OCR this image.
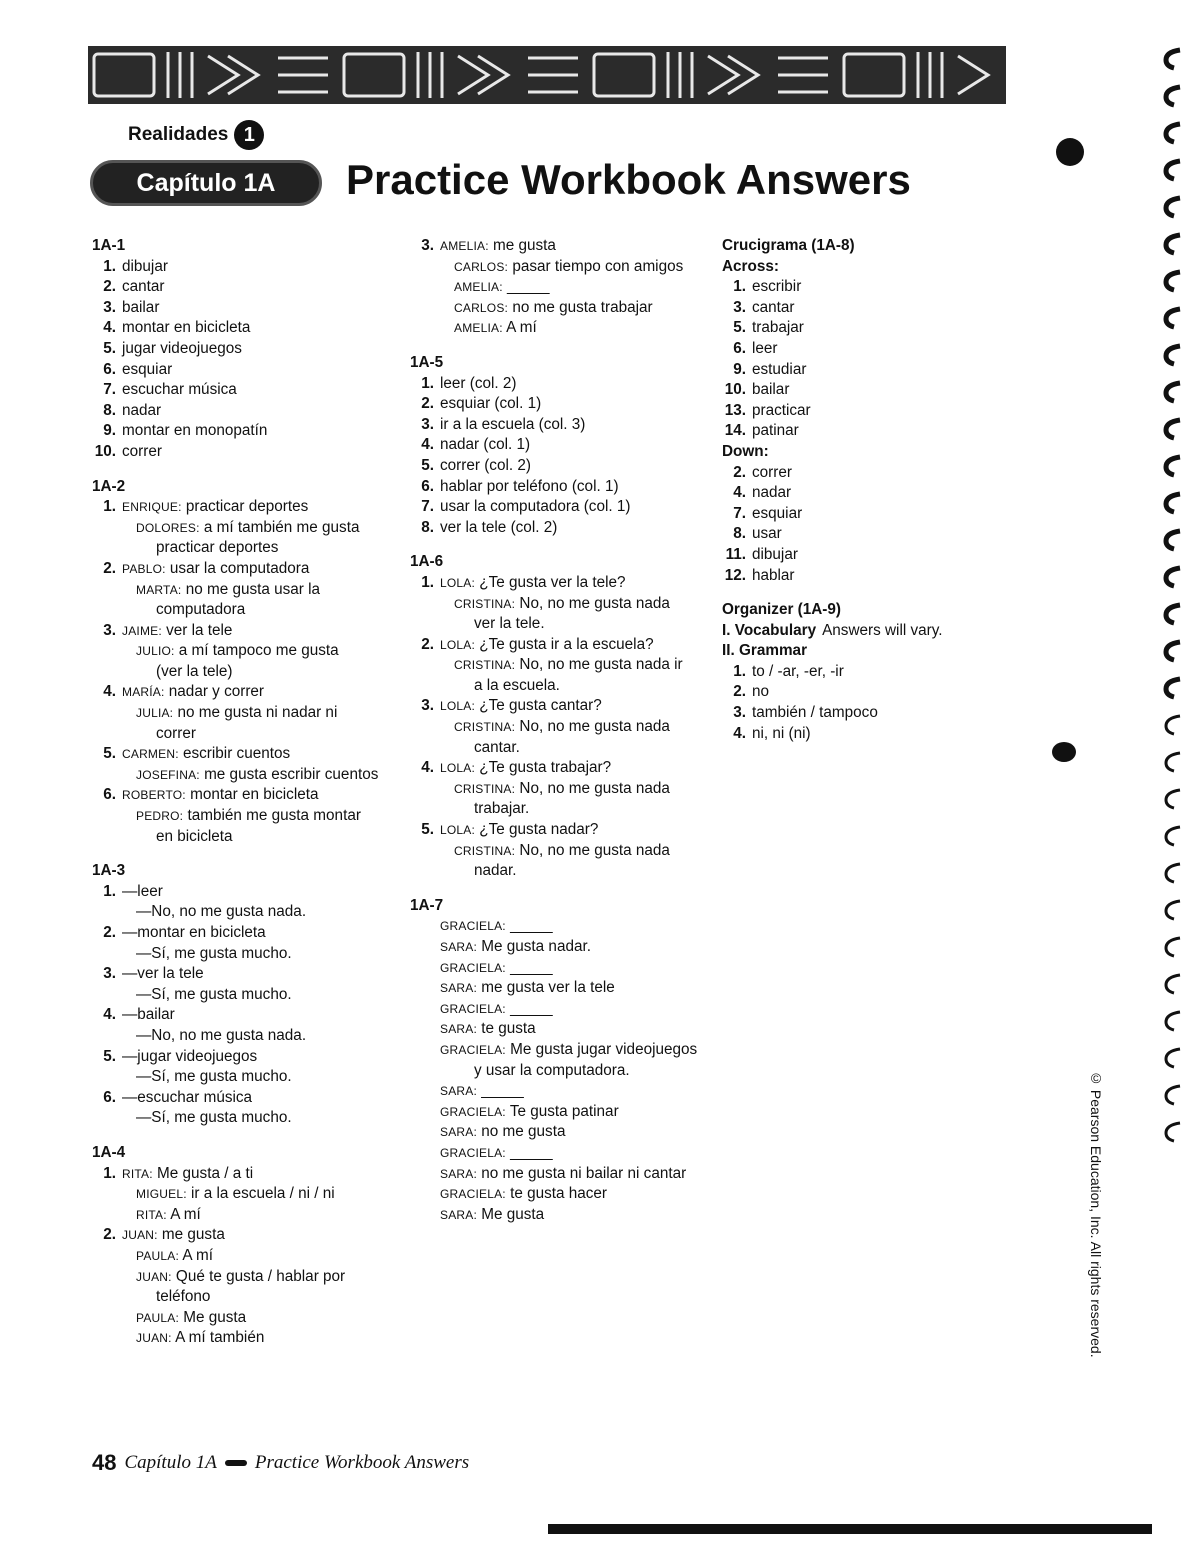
Realidades 1
Capítulo 1A	Practice Workbook Answers
1A-1
1. dibujar
2. cantar
3. bailar
4. montar en bicicleta
5. jugar videojuegos
6. esquiar
7. escuchar música
8. nadar
9. montar en monopatín
10. correr
1A-2
1. ENRIQUE: practicar deportes
DOLORES: a mí también me gusta
practicar deportes
2. PABLO: usar la computadora
MARTA: no me gusta usar la
computadora
3. JAIME: ver la tele
JULIO: a mí tampoco me gusta
(ver la tele)
4. MARÍA: nadar y correr
JULIA: no me gusta ni nadar ni
correr
5. CARMEN: escribir cuentos
JOSEFINA: me gusta escribir cuentos
6. ROBERTO: montar en bicicleta
PEDRO: también me gusta montar
en bicicleta
1A-3
1. —leer
—No, no me gusta nada.
2. —montar en bicicleta
—Sí, me gusta mucho.
3. —ver la tele
—Sí, me gusta mucho.
4. —bailar
—No, no me gusta nada.
5. —jugar videojuegos
—Sí, me gusta mucho.
6. —escuchar música
—Sí, me gusta mucho.
1A-4
1. RITA: Me gusta / a ti
MIGUEL: ir a la escuela / ni / ni
RITA: A mí
2. JUAN: me gusta
PAULA: A mí
JUAN: Qué te gusta / hablar por
teléfono
PAULA: Me gusta
JUAN: A mí también
3. AMELIA: me gusta
CARLOS: pasar tiempo con amigos
AMELIA: _____
CARLOS: no me gusta trabajar
AMELIA: A mí
1A-5
1. leer (col. 2)
2. esquiar (col. 1)
3. ir a la escuela (col. 3)
4. nadar (col. 1)
5. correr (col. 2)
6. hablar por teléfono (col. 1)
7. usar la computadora (col. 1)
8. ver la tele (col. 2)
1A-6
1. LOLA: ¿Te gusta ver la tele?
CRISTINA: No, no me gusta nada
ver la tele.
2. LOLA: ¿Te gusta ir a la escuela?
CRISTINA: No, no me gusta nada ir
a la escuela.
3. LOLA: ¿Te gusta cantar?
CRISTINA: No, no me gusta nada
cantar.
4. LOLA: ¿Te gusta trabajar?
CRISTINA: No, no me gusta nada
trabajar.
5. LOLA: ¿Te gusta nadar?
CRISTINA: No, no me gusta nada
nadar.
1A-7
GRACIELA: _____
SARA: Me gusta nadar.
GRACIELA: _____
SARA: me gusta ver la tele
GRACIELA: _____
SARA: te gusta
GRACIELA: Me gusta jugar videojuegos
y usar la computadora.
SARA: _____
GRACIELA: Te gusta patinar
SARA: no me gusta
GRACIELA: _____
SARA: no me gusta ni bailar ni cantar
GRACIELA: te gusta hacer
SARA: Me gusta
Crucigrama (1A-8)
Across:
1. escribir
3. cantar
5. trabajar
6. leer
9. estudiar
10. bailar
13. practicar
14. patinar
Down:
2. correr
4. nadar
7. esquiar
8. usar
11. dibujar
12. hablar
Organizer (1A-9)
I. Vocabulary Answers will vary.
II. Grammar
1. to / -ar, -er, -ir
2. no
3. también / tampoco
4. ni, ni (ni)
© Pearson Education, Inc. All rights reserved.
48 Capítulo 1A Practice Workbook Answers
